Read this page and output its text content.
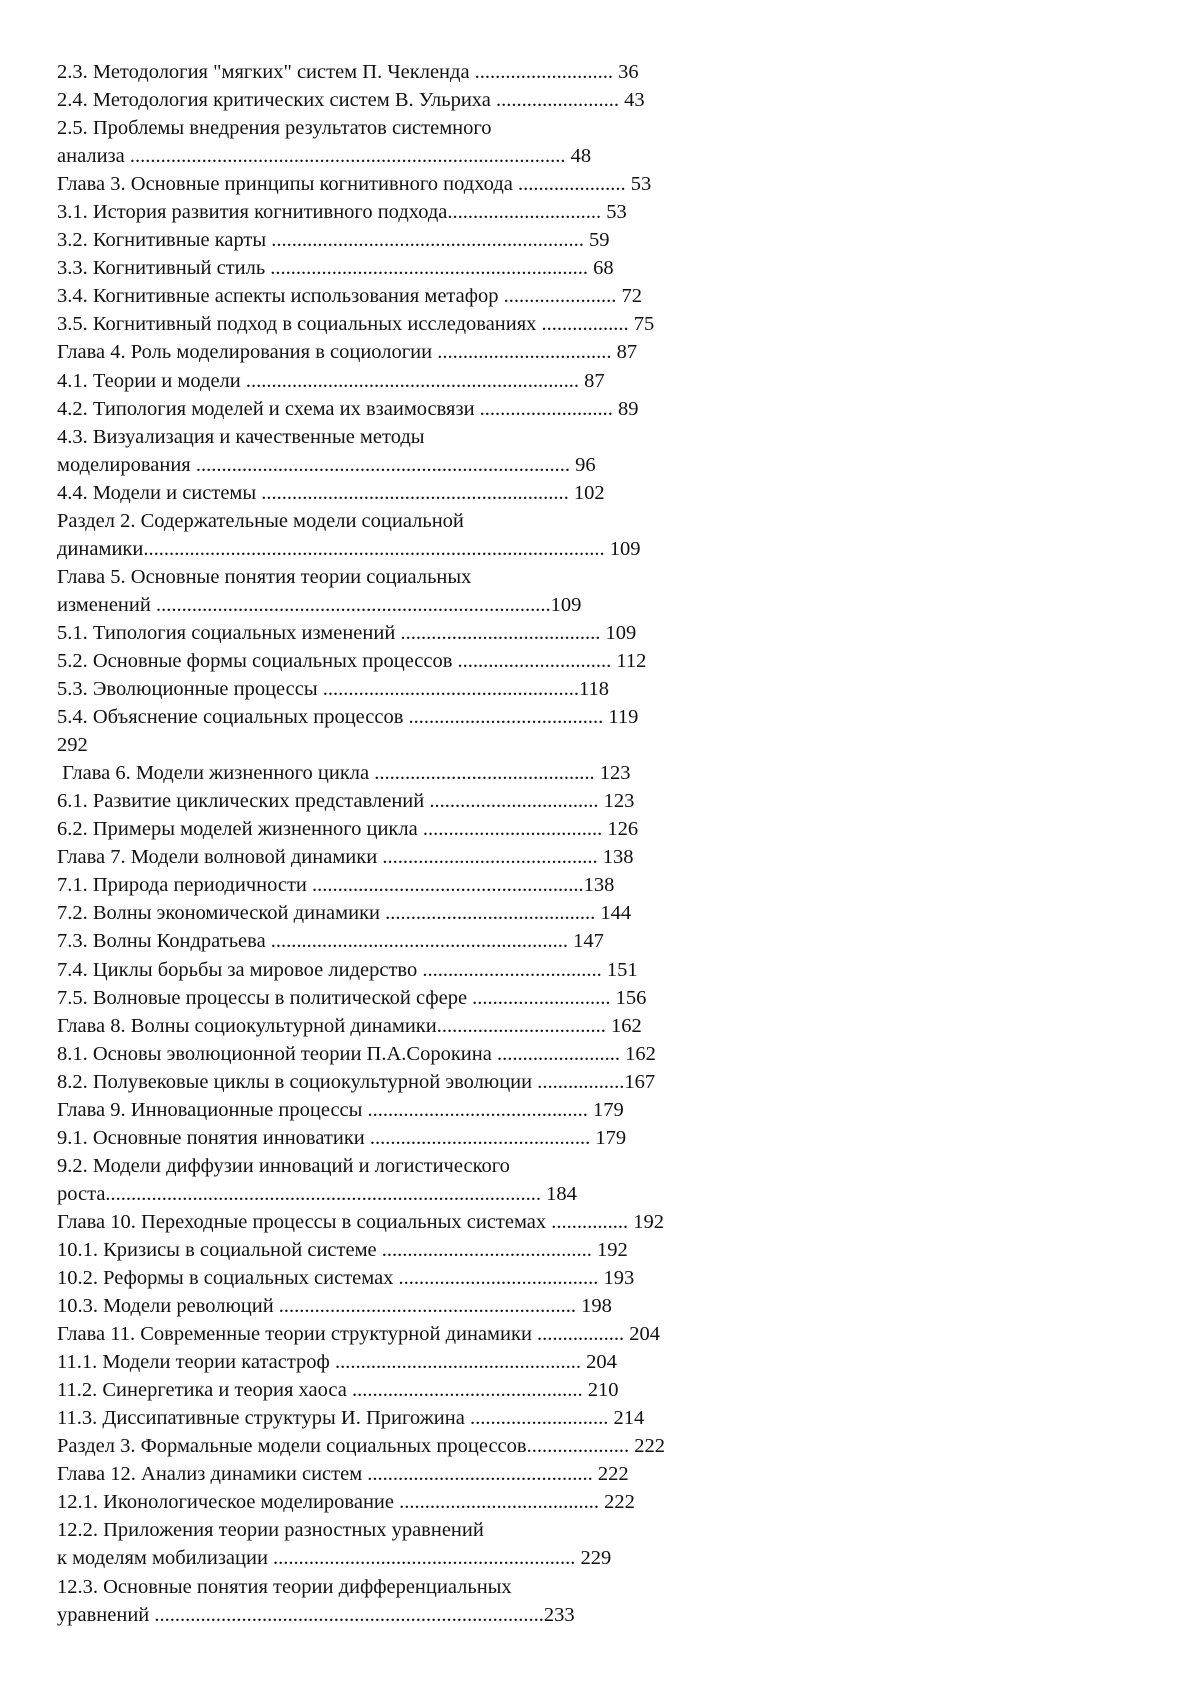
2.3. Методология "мягких" систем П. Чекленда ........................... 36
2.4. Методология критических систем В. Ульриха ........................ 43
2.5. Проблемы внедрения результатов системного
анализа ..................................................................................... 48
Глава 3. Основные принципы когнитивного подхода ..................... 53
3.1. История развития когнитивного подхода.............................. 53
3.2. Когнитивные карты ............................................................. 59
3.3. Когнитивный стиль .............................................................. 68
3.4. Когнитивные аспекты использования метафор ...................... 72
3.5. Когнитивный подход в социальных исследованиях ................. 75
Глава 4. Роль моделирования в социологии .................................. 87
4.1. Теории и модели ................................................................. 87
4.2. Типология моделей и схема их взаимосвязи .......................... 89
4.3. Визуализация и качественные методы
моделирования ......................................................................... 96
4.4. Модели и системы ............................................................ 102
Раздел 2. Содержательные модели социальной
динамики.......................................................................................... 109
Глава 5. Основные понятия теории социальных
изменений .............................................................................109
5.1. Типология социальных изменений ....................................... 109
5.2. Основные формы социальных процессов .............................. 112
5.3. Эволюционные процессы ..................................................118
5.4. Объяснение социальных процессов ...................................... 119
292
Глава 6. Модели жизненного цикла ........................................... 123
6.1. Развитие циклических представлений ................................. 123
6.2. Примеры моделей жизненного цикла ................................... 126
Глава 7. Модели волновой динамики .......................................... 138
7.1. Природа периодичности .....................................................138
7.2. Волны экономической динамики ......................................... 144
7.3. Волны Кондратьева .......................................................... 147
7.4. Циклы борьбы за мировое лидерство ................................... 151
7.5. Волновые процессы в политической сфере ........................... 156
Глава 8. Волны социокультурной динамики................................. 162
8.1. Основы эволюционной теории П.А.Сорокина ........................ 162
8.2. Полувековые циклы в социокультурной эволюции .................167
Глава 9. Инновационные процессы ........................................... 179
9.1. Основные понятия инноватики ........................................... 179
9.2. Модели диффузии инноваций и логистического
роста..................................................................................... 184
Глава 10. Переходные процессы в социальных системах ............... 192
10.1. Кризисы в социальной системе ......................................... 192
10.2. Реформы в социальных системах ....................................... 193
10.3. Модели революций .......................................................... 198
Глава 11. Современные теории структурной динамики ................. 204
11.1. Модели теории катастроф ................................................ 204
11.2. Синергетика и теория хаоса ............................................. 210
11.3. Диссипативные структуры И. Пригожина ........................... 214
Раздел 3. Формальные модели социальных процессов.................... 222
Глава 12. Анализ динамики систем ............................................ 222
12.1. Иконологическое моделирование ....................................... 222
12.2. Приложения теории разностных уравнений
к моделям мобилизации ........................................................... 229
12.3. Основные понятия теории дифференциальных
уравнений ............................................................................233
